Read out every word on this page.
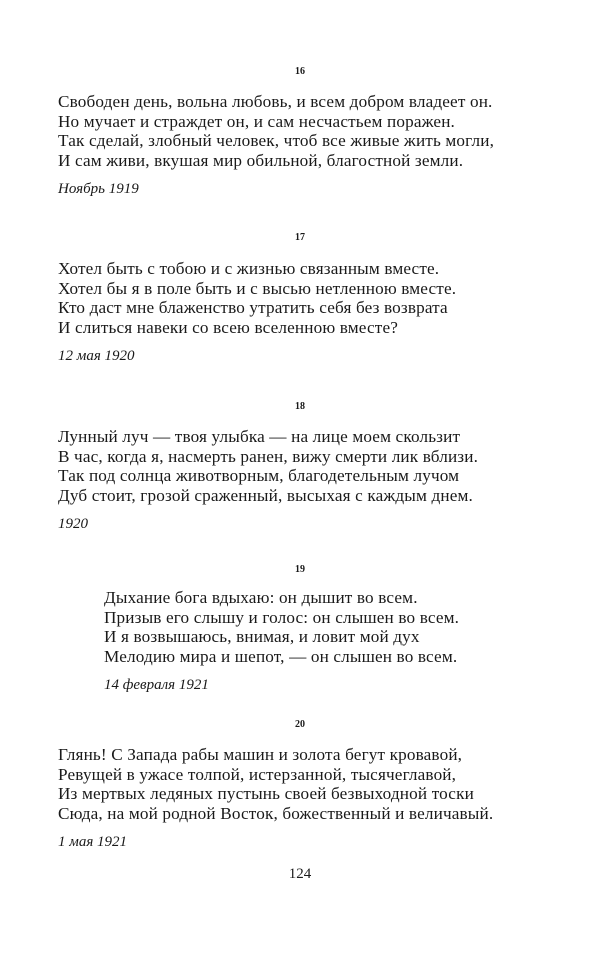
16
Свободен день, вольна любовь, и всем добром владеет он.
Но мучает и страждет он, и сам несчастьем поражен.
Так сделай, злобный человек, чтоб все живые жить могли,
И сам живи, вкушая мир обильной, благостной земли.
Ноябрь 1919
17
Хотел быть с тобою и с жизнью связанным вместе.
Хотел бы я в поле быть и с высью нетленною вместе.
Кто даст мне блаженство утратить себя без возврата
И слиться навеки со всею вселенною вместе?
12 мая 1920
18
Лунный луч — твоя улыбка — на лице моем скользит
В час, когда я, насмерть ранен, вижу смерти лик вблизи.
Так под солнца животворным, благодетельным лучом
Дуб стоит, грозой сраженный, высыхая с каждым днем.
1920
19
Дыхание бога вдыхаю: он дышит во всем.
Призыв его слышу и голос: он слышен во всем.
И я возвышаюсь, внимая, и ловит мой дух
Мелодию мира и шепот, — он слышен во всем.
14 февраля 1921
20
Глянь! С Запада рабы машин и золота бегут кровавой,
Ревущей в ужасе толпой, истерзанной, тысячеглавой,
Из мертвых ледяных пустынь своей безвыходной тоски
Сюда, на мой родной Восток, божественный и величавый.
1 мая 1921
124
